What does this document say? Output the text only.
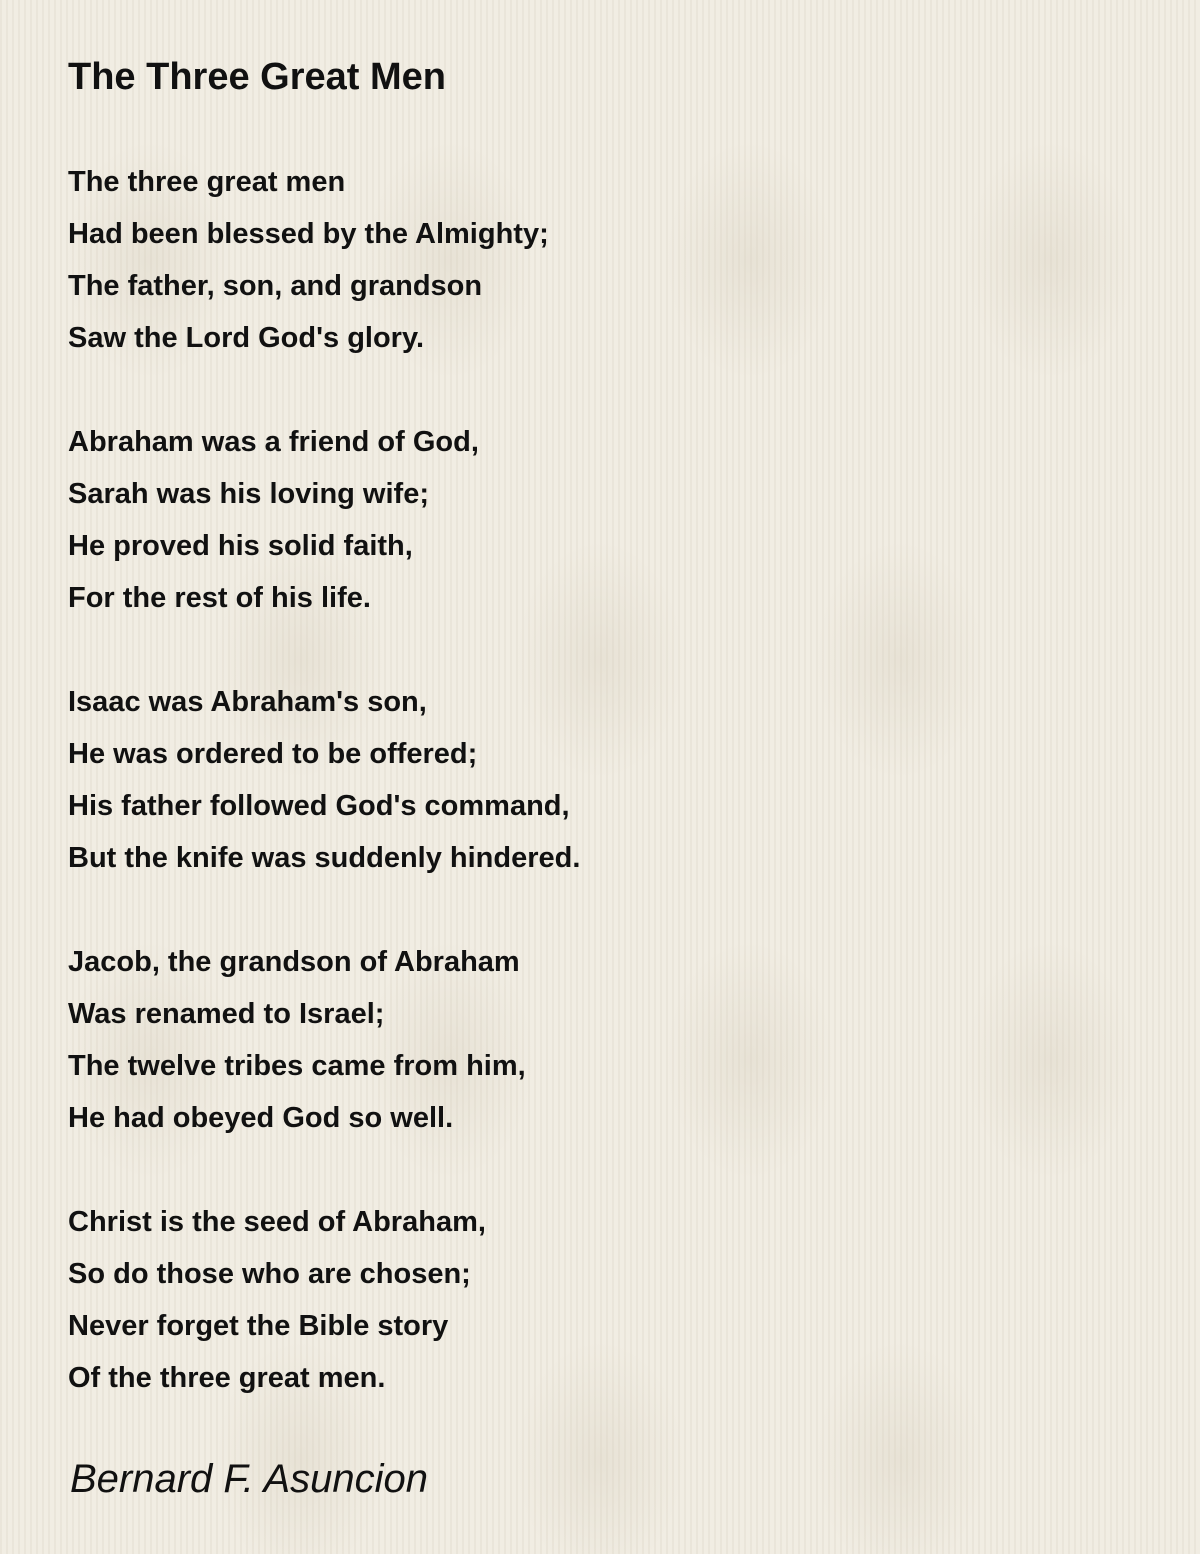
The Three Great Men
The three great men
Had been blessed by the Almighty;
The father, son, and grandson
Saw the Lord God's glory.
Abraham was a friend of God,
Sarah was his loving wife;
He proved his solid faith,
For the rest of his life.
Isaac was Abraham's son,
He was ordered to be offered;
His father followed God's command,
But the knife was suddenly hindered.
Jacob, the grandson of Abraham
Was renamed to Israel;
The twelve tribes came from him,
He had obeyed God so well.
Christ is the seed of Abraham,
So do those who are chosen;
Never forget the Bible story
Of the three great men.
Bernard F. Asuncion
